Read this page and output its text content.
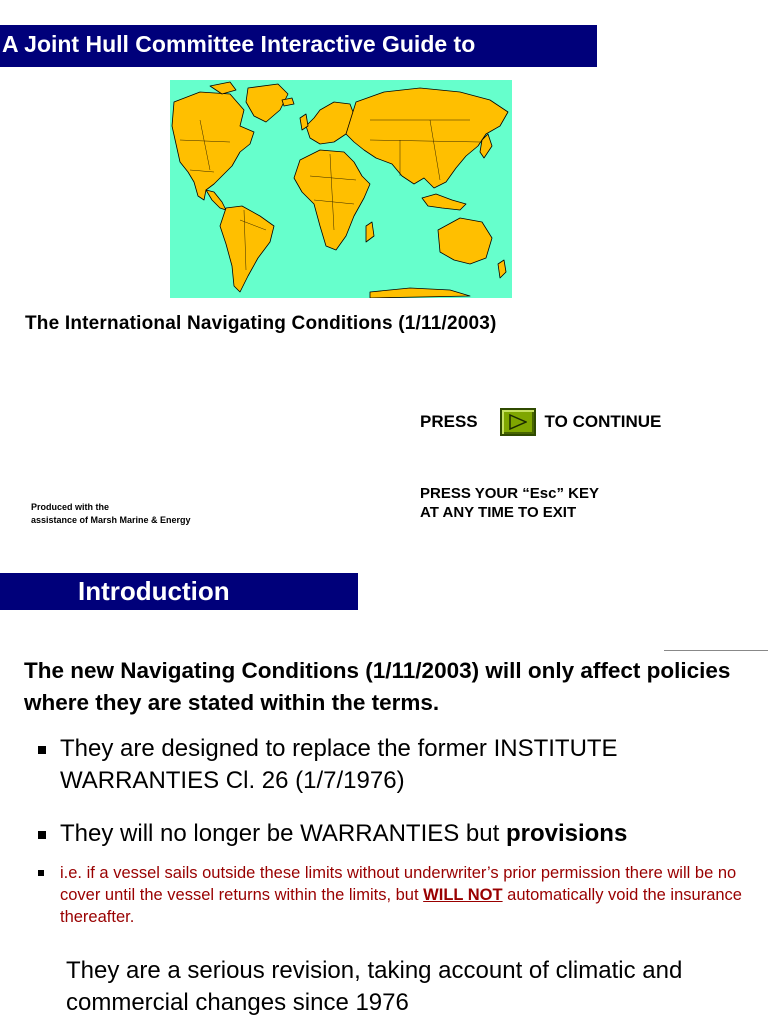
A Joint Hull Committee Interactive Guide to
The International Navigating Conditions (1/11/2003)
PRESS	TO CONTINUE
PRESS YOUR “Esc” KEY
AT ANY TIME TO EXIT
Produced with the
assistance of Marsh Marine & Energy
Introduction
The new Navigating Conditions (1/11/2003) will only affect policies where they are stated within the terms.
They are designed to replace the former INSTITUTE WARRANTIES Cl. 26 (1/7/1976)
They will no longer be WARRANTIES but provisions
i.e. if a vessel sails outside these limits without underwriter’s prior permission there will be no cover until the vessel returns within the limits, but WILL NOT automatically void the insurance thereafter.
They are a serious revision, taking account of climatic and commercial changes since 1976
